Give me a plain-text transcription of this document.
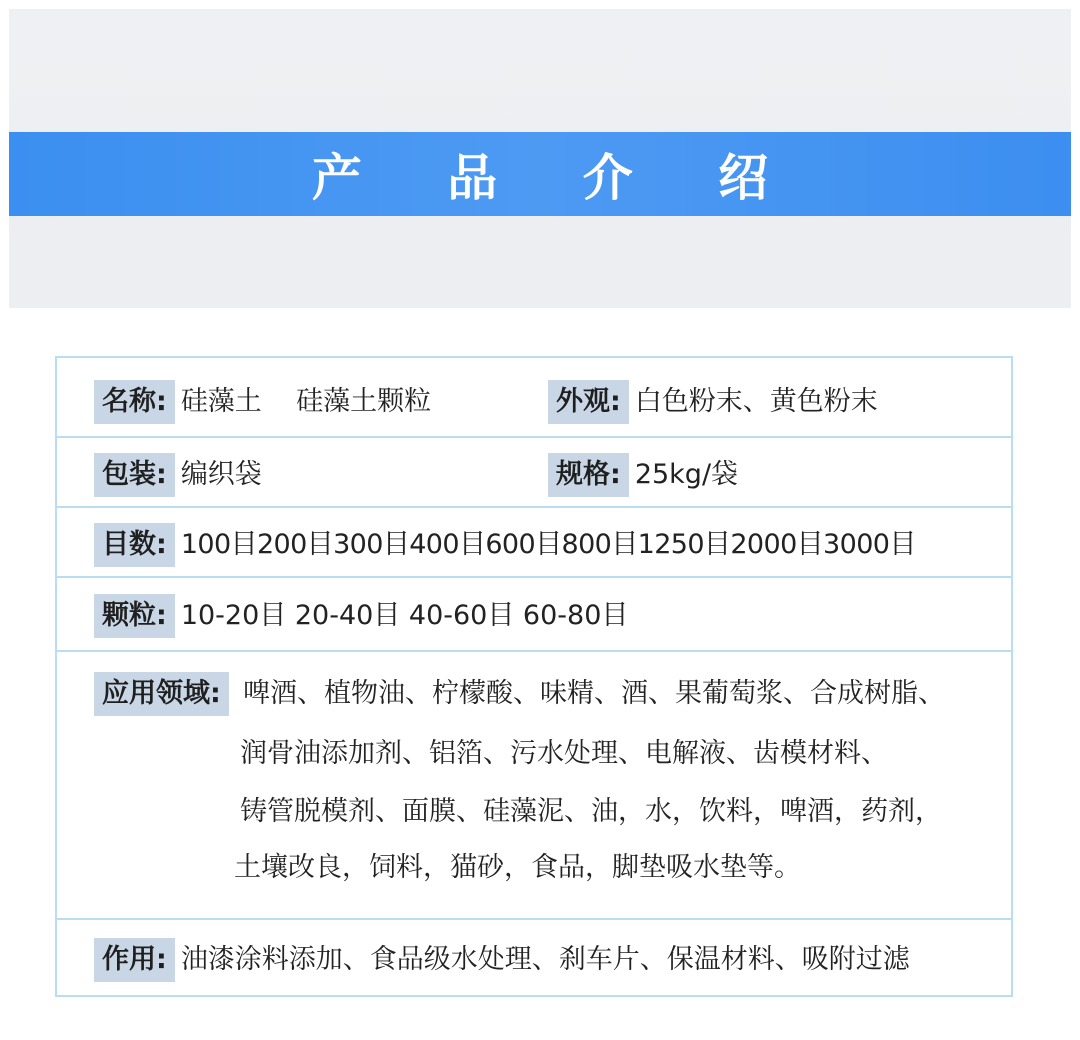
产 品 介 绍
名称: 硅藻土    硅藻土颗粒	外观: 白色粉末、黄色粉末
包装: 编织袋	规格: 25kg/袋
目数: 100目200目300目400目600目800目1250目2000目3000目
颗粒: 10-20目 20-40目 40-60目 60-80目
应用领域: 啤酒、植物油、柠檬酸、味精、酒、果葡萄浆、合成树脂、
润骨油添加剂、铝箔、污水处理、电解液、齿模材料、
铸管脱模剂、面膜、硅藻泥、油，水，饮料，啤酒，药剂，
土壤改良，饲料，猫砂，食品，脚垫吸水垫等。
作用: 油漆涂料添加、食品级水处理、刹车片、保温材料、吸附过滤
